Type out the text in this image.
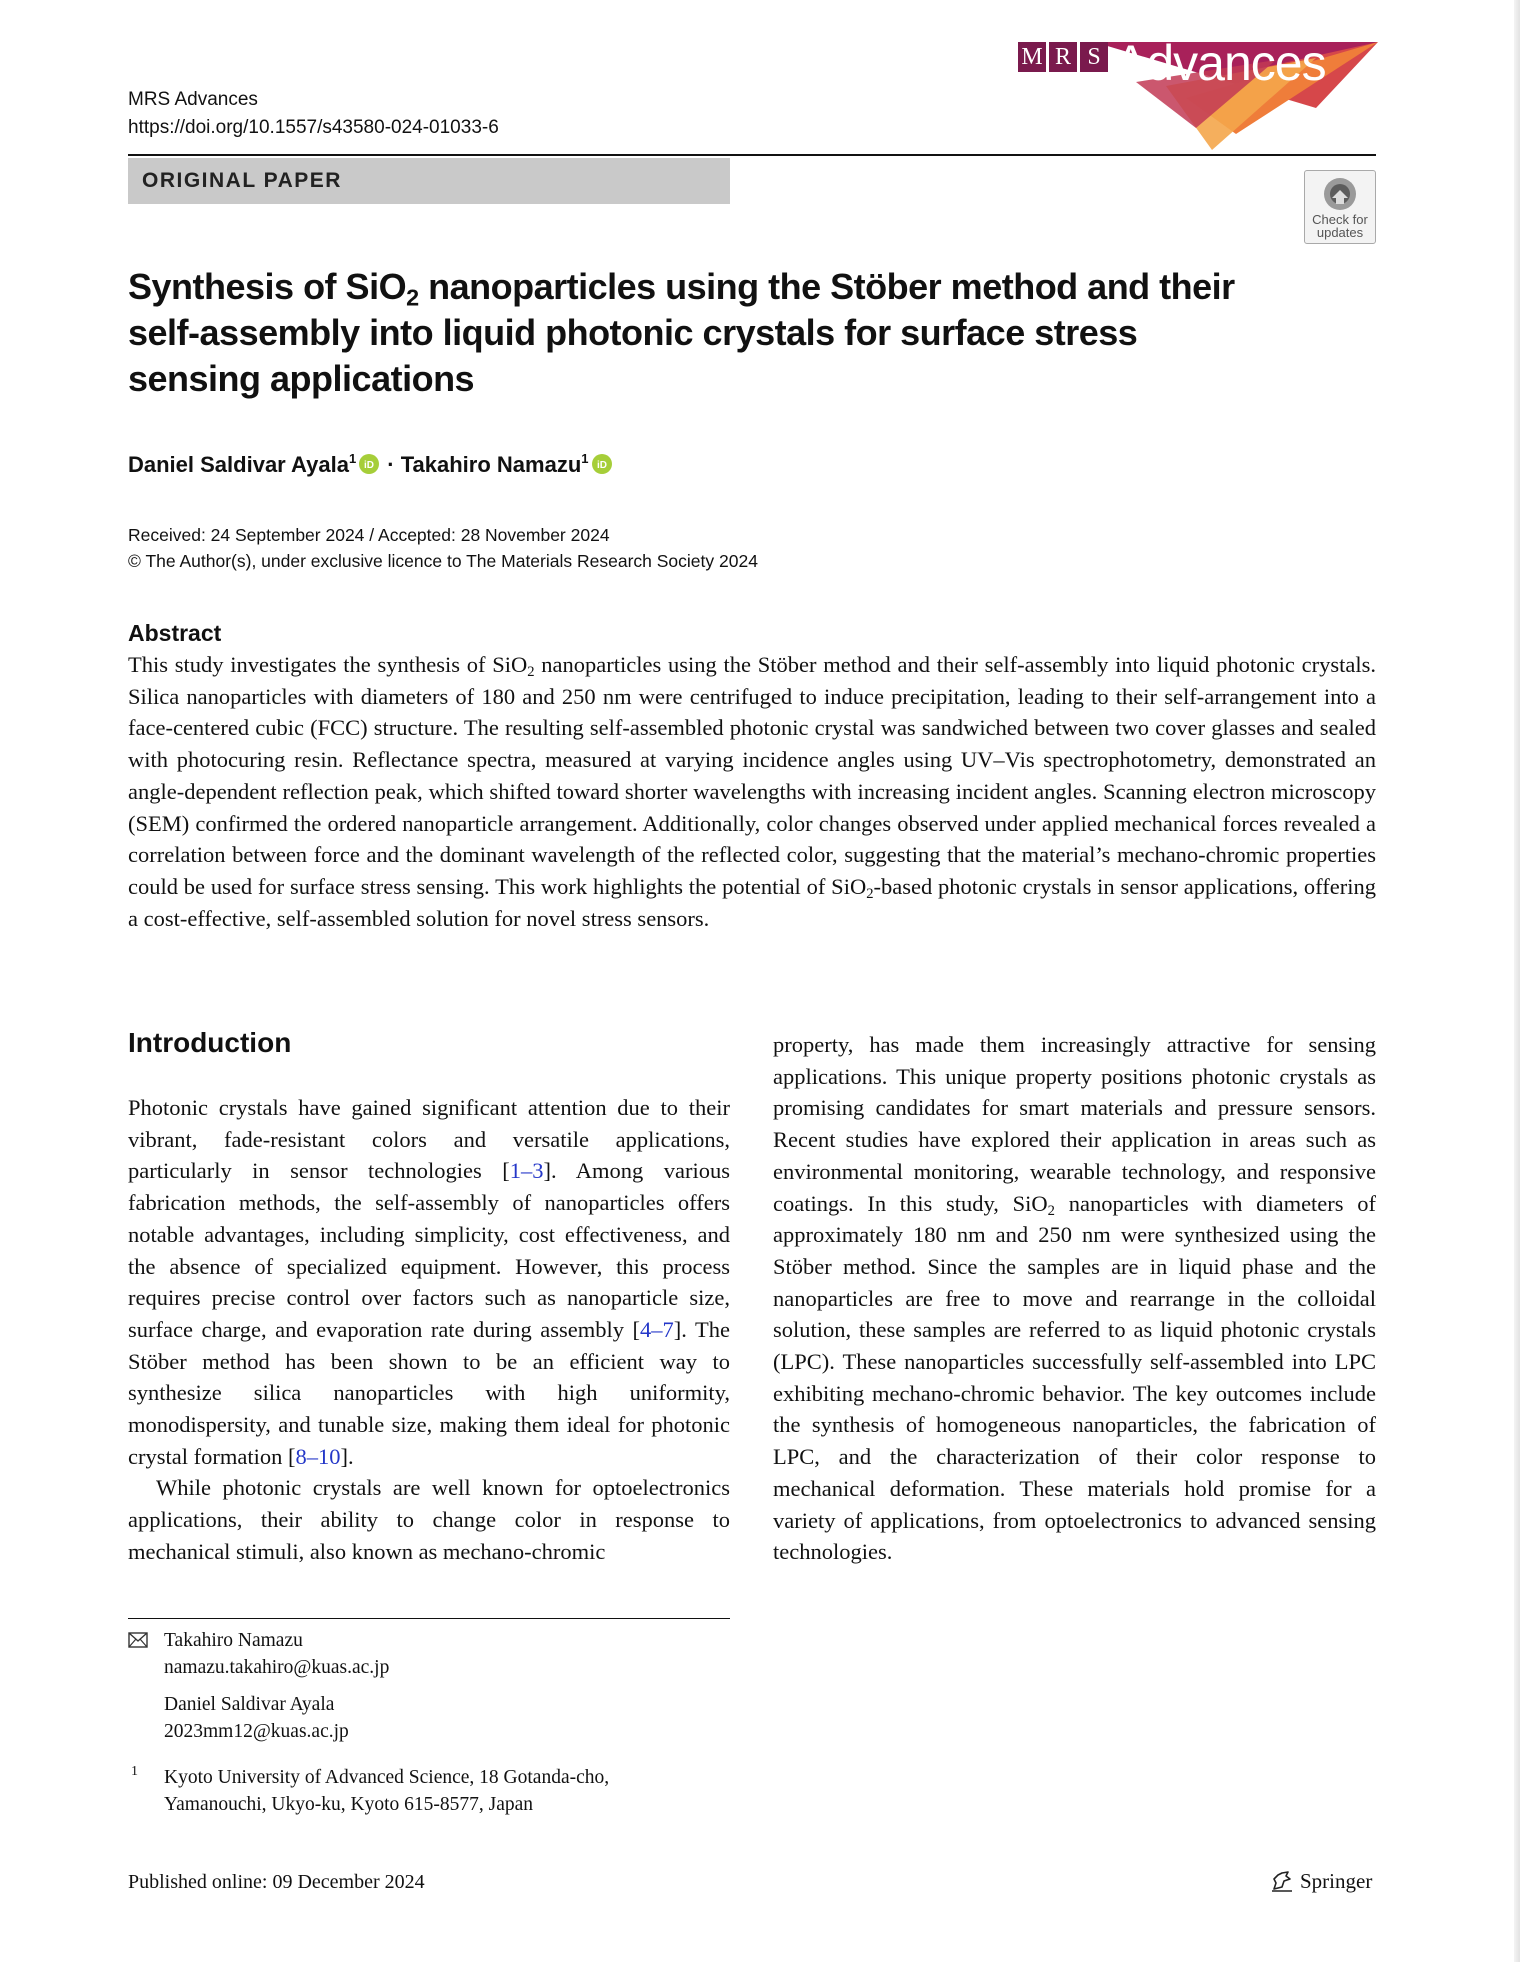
MRS Advances
https://doi.org/10.1557/s43580-024-01033-6
M R S Advances
ORIGINAL PAPER
Check for
updates
Synthesis of SiO$_2$ nanoparticles using the Stöber method and their self-assembly into liquid photonic crystals for surface stress sensing applications
Daniel Saldivar Ayala$^1$ iD · Takahiro Namazu$^1$ iD
Received: 24 September 2024 / Accepted: 28 November 2024
© The Author(s), under exclusive licence to The Materials Research Society 2024
Abstract

This study investigates the synthesis of SiO$_2$ nanoparticles using the Stöber method and their self-assembly into liquid photonic crystals. Silica nanoparticles with diameters of 180 and 250 nm were centrifuged to induce precipitation, leading to their self-arrangement into a face-centered cubic (FCC) structure. The resulting self-assembled photonic crystal was sandwiched between two cover glasses and sealed with photocuring resin. Reflectance spectra, measured at varying incidence angles using UV–Vis spectrophotometry, demonstrated an angle-dependent reflection peak, which shifted toward shorter wavelengths with increasing incident angles. Scanning electron microscopy (SEM) confirmed the ordered nanoparticle arrangement. Additionally, color changes observed under applied mechanical forces revealed a correlation between force and the dominant wavelength of the reflected color, suggesting that the material’s mechano-chromic properties could be used for surface stress sensing. This work highlights the potential of SiO$_2$-based photonic crystals in sensor applications, offering a cost-effective, self-assembled solution for novel stress sensors.

Introduction

Photonic crystals have gained significant attention due to their vibrant, fade-resistant colors and versatile applications, particularly in sensor technologies [1–3]. Among various fabrication methods, the self-assembly of nanoparticles offers notable advantages, including simplicity, cost effectiveness, and the absence of specialized equipment. However, this process requires precise control over factors such as nanoparticle size, surface charge, and evaporation rate during assembly [4–7]. The Stöber method has been shown to be an efficient way to synthesize silica nanoparticles with high uniformity, monodispersity, and tunable size, making them ideal for photonic crystal formation [8–10].

While photonic crystals are well known for optoelectronics applications, their ability to change color in response to mechanical stimuli, also known as mechano-chromic

property, has made them increasingly attractive for sensing applications. This unique property positions photonic crystals as promising candidates for smart materials and pressure sensors. Recent studies have explored their application in areas such as environmental monitoring, wearable technology, and responsive coatings. In this study, SiO$_2$ nanoparticles with diameters of approximately 180 nm and 250 nm were synthesized using the Stöber method. Since the samples are in liquid phase and the nanoparticles are free to move and rearrange in the colloidal solution, these samples are referred to as liquid photonic crystals (LPC). These nanoparticles successfully self-assembled into LPC exhibiting mechano-chromic behavior. The key outcomes include the synthesis of homogeneous nanoparticles, the fabrication of LPC, and the characterization of their color response to mechanical deformation. These materials hold promise for a variety of applications, from optoelectronics to advanced sensing technologies.

Takahiro Namazu
namazu.takahiro@kuas.ac.jp
Daniel Saldivar Ayala
2023mm12@kuas.ac.jp
1 Kyoto University of Advanced Science, 18 Gotanda-cho,
Yamanouchi, Ukyo-ku, Kyoto 615-8577, Japan
Published online: 09 December 2024	Springer
